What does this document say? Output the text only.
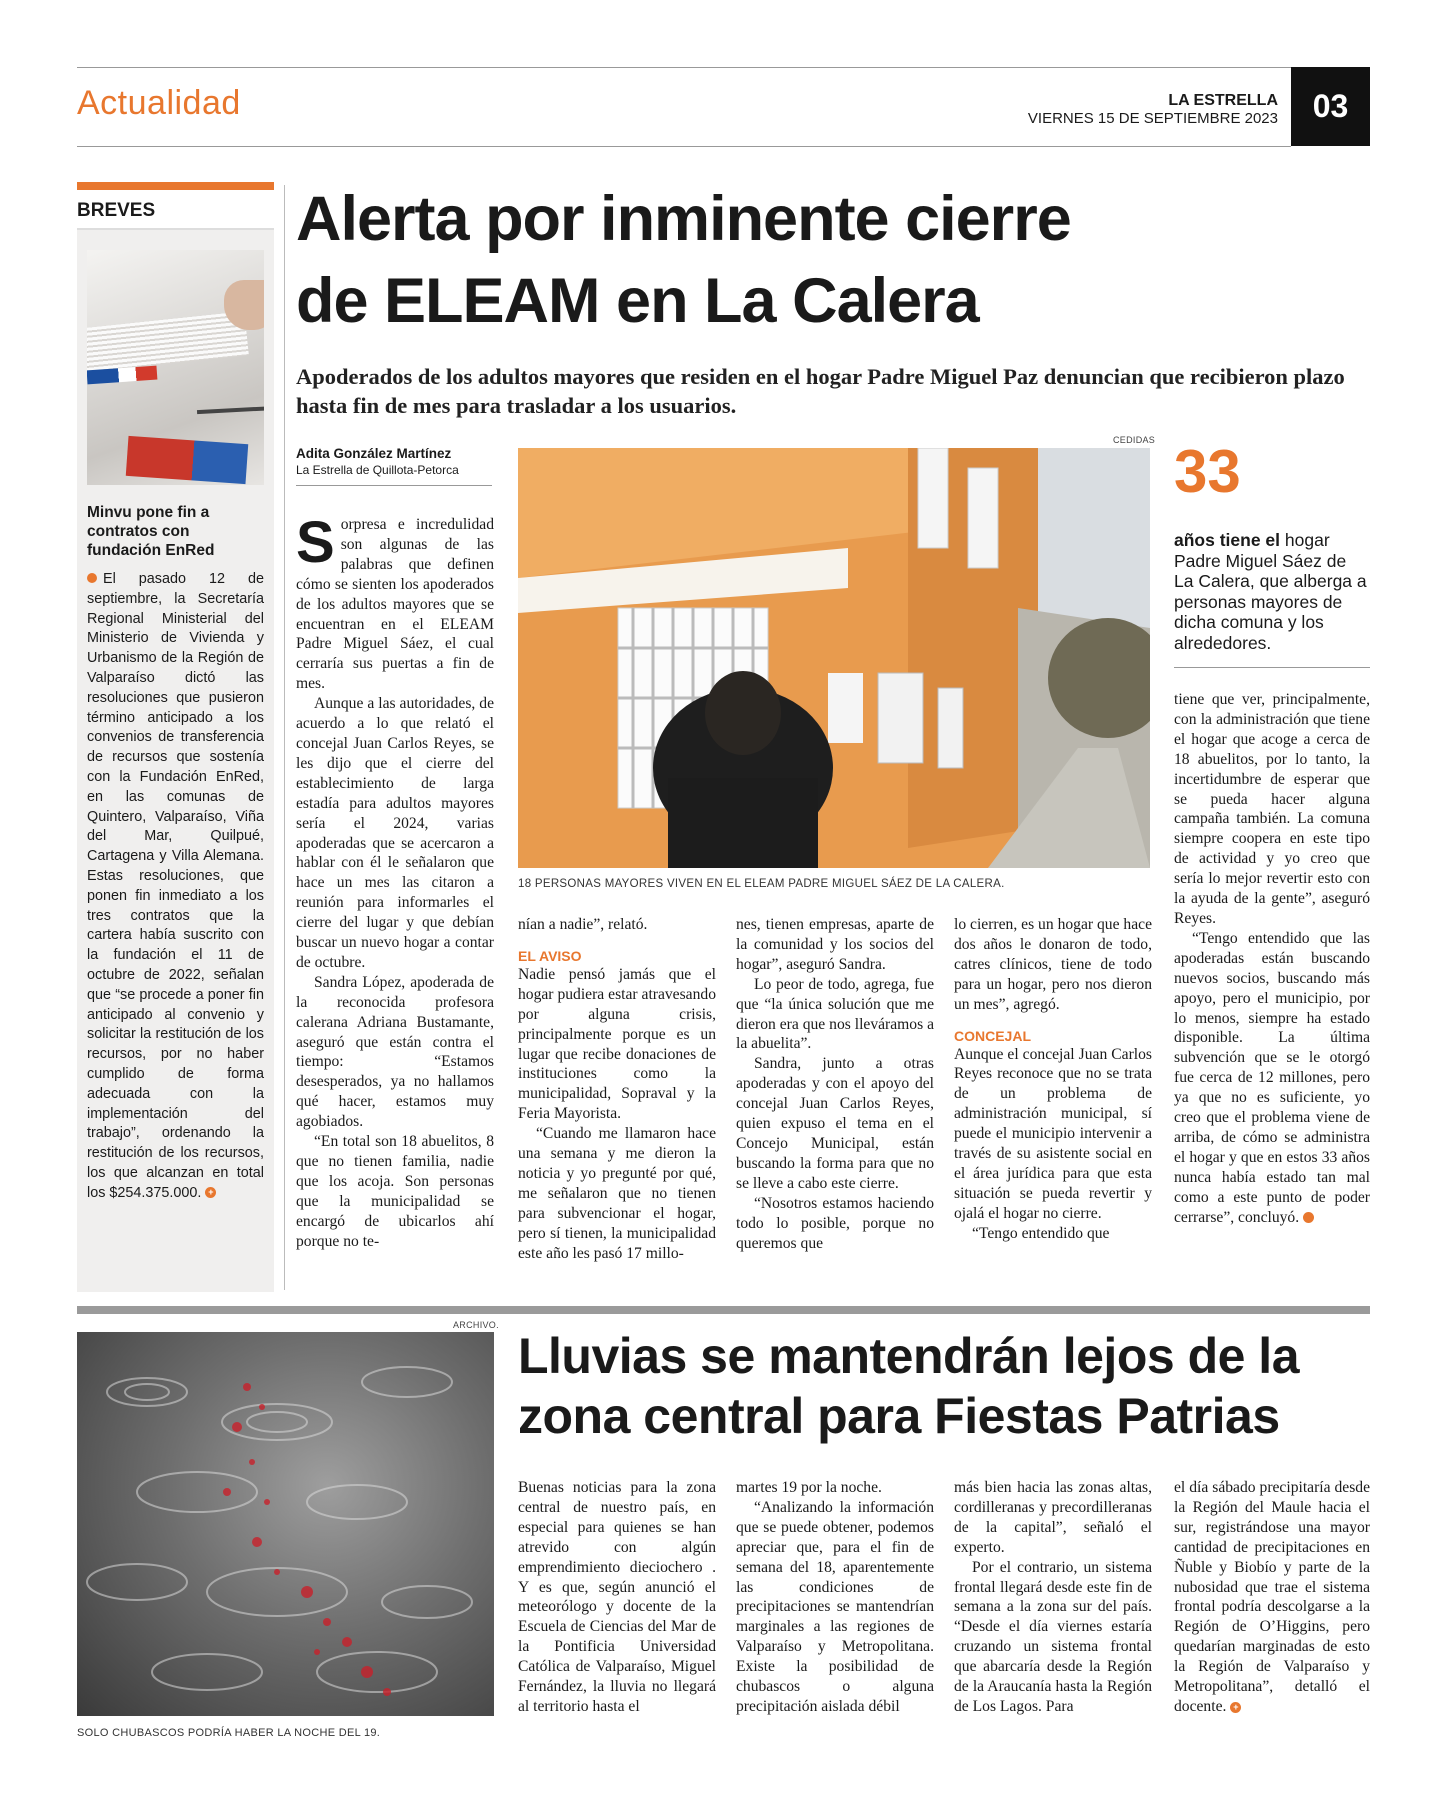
Actualidad	LA ESTRELLA
VIERNES 15 DE SEPTIEMBRE 2023	03
BREVES
Minvu pone fin a contratos con fundación EnRed
El pasado 12 de septiembre, la Secretaría Regional Ministerial del Ministerio de Vivienda y Urbanismo de la Región de Valparaíso dictó las resoluciones que pusieron término anticipado a los convenios de transferencia de recursos que sostenía con la Fundación EnRed, en las comunas de Quintero, Valparaíso, Viña del Mar, Quilpué, Cartagena y Villa Alemana. Estas resoluciones, que ponen fin inmediato a los tres contratos que la cartera había suscrito con la fundación el 11 de octubre de 2022, señalan que “se procede a poner fin anticipado al convenio y solicitar la restitución de los recursos, por no haber cumplido de forma adecuada con la implementación del trabajo”, ordenando la restitución de los recursos, los que alcanzan en total los $254.375.000. +
Alerta por inminente cierre
de ELEAM en La Calera
Apoderados de los adultos mayores que residen en el hogar Padre Miguel Paz denuncian que recibieron plazo hasta fin de mes para trasladar a los usuarios.
Adita González Martínez
La Estrella de Quillota-Petorca
CEDIDAS
18 PERSONAS MAYORES VIVEN EN EL ELEAM PADRE MIGUEL SÁEZ DE LA CALERA.
S orpresa e incredulidad son algunas de las palabras que definen cómo se sienten los apoderados de los adultos mayores que se encuentran en el ELEAM Padre Miguel Sáez, el cual cerraría sus puertas a fin de mes.

Aunque a las autoridades, de acuerdo a lo que relató el concejal Juan Carlos Reyes, se les dijo que el cierre del establecimiento de larga estadía para adultos mayores sería el 2024, varias apoderadas que se acercaron a hablar con él le señalaron que hace un mes las citaron a reunión para informarles el cierre del lugar y que debían buscar un nuevo hogar a contar de octubre.

Sandra López, apoderada de la reconocida profesora calerana Adriana Bustamante, aseguró que están contra el tiempo: “Estamos desesperados, ya no hallamos qué hacer, estamos muy agobiados.

“En total son 18 abuelitos, 8 que no tienen familia, nadie que los acoja. Son personas que la municipalidad se encargó de ubicarlos ahí porque no te-

nían a nadie”, relató.

EL AVISO

Nadie pensó jamás que el hogar pudiera estar atravesando por alguna crisis, principalmente porque es un lugar que recibe donaciones de instituciones como la municipalidad, Sopraval y la Feria Mayorista.

“Cuando me llamaron hace una semana y me dieron la noticia y yo pregunté por qué, me señalaron que no tienen para subvencionar el hogar, pero sí tienen, la municipalidad este año les pasó 17 millo-

nes, tienen empresas, aparte de la comunidad y los socios del hogar”, aseguró Sandra.

Lo peor de todo, agrega, fue que “la única solución que me dieron era que nos lleváramos a la abuelita”.

Sandra, junto a otras apoderadas y con el apoyo del concejal Juan Carlos Reyes, quien expuso el tema en el Concejo Municipal, están buscando la forma para que no se lleve a cabo este cierre.

“Nosotros estamos haciendo todo lo posible, porque no queremos que

lo cierren, es un hogar que hace dos años le donaron de todo, catres clínicos, tiene de todo para un hogar, pero nos dieron un mes”, agregó.

CONCEJAL

Aunque el concejal Juan Carlos Reyes reconoce que no se trata de un problema de administración municipal, sí puede el municipio intervenir a través de su asistente social en el área jurídica para que esta situación se pueda revertir y ojalá el hogar no cierre.

“Tengo entendido que

33
años tiene el hogar Padre Miguel Sáez de La Calera, que alberga a personas mayores de dicha comuna y los alrededores.

tiene que ver, principalmente, con la administración que tiene el hogar que acoge a cerca de 18 abuelitos, por lo tanto, la incertidumbre de esperar que se pueda hacer alguna campaña también. La comuna siempre coopera en este tipo de actividad y yo creo que sería lo mejor revertir esto con la ayuda de la gente”, aseguró Reyes.

“Tengo entendido que las apoderadas están buscando nuevos socios, buscando más apoyo, pero el municipio, por lo menos, siempre ha estado disponible. La última subvención que se le otorgó fue cerca de 12 millones, pero ya que no es suficiente, yo creo que el problema viene de arriba, de cómo se administra el hogar y que en estos 33 años nunca había estado tan mal como a este punto de poder cerrarse”, concluyó. +

ARCHIVO.
SOLO CHUBASCOS PODRÍA HABER LA NOCHE DEL 19.
Lluvias se mantendrán lejos de la
zona central para Fiestas Patrias

Buenas noticias para la zona central de nuestro país, en especial para quienes se han atrevido con algún emprendimiento dieciochero . Y es que, según anunció el meteorólogo y docente de la Escuela de Ciencias del Mar de la Pontificia Universidad Católica de Valparaíso, Miguel Fernández, la lluvia no llegará al territorio hasta el

martes 19 por la noche.

“Analizando la información que se puede obtener, podemos apreciar que, para el fin de semana del 18, aparentemente las condiciones de precipitaciones se mantendrían marginales a las regiones de Valparaíso y Metropolitana. Existe la posibilidad de chubascos o alguna precipitación aislada débil

más bien hacia las zonas altas, cordilleranas y precordilleranas de la capital”, señaló el experto.

Por el contrario, un sistema frontal llegará desde este fin de semana a la zona sur del país. “Desde el día viernes estaría cruzando un sistema frontal que abarcaría desde la Región de la Araucanía hasta la Región de Los Lagos. Para

el día sábado precipitaría desde la Región del Maule hacia el sur, registrándose una mayor cantidad de precipitaciones en Ñuble y Biobío y parte de la nubosidad que trae el sistema frontal podría descolgarse a la Región de O’Higgins, pero quedarían marginadas de esto la Región de Valparaíso y Metropolitana”, detalló el docente. +
